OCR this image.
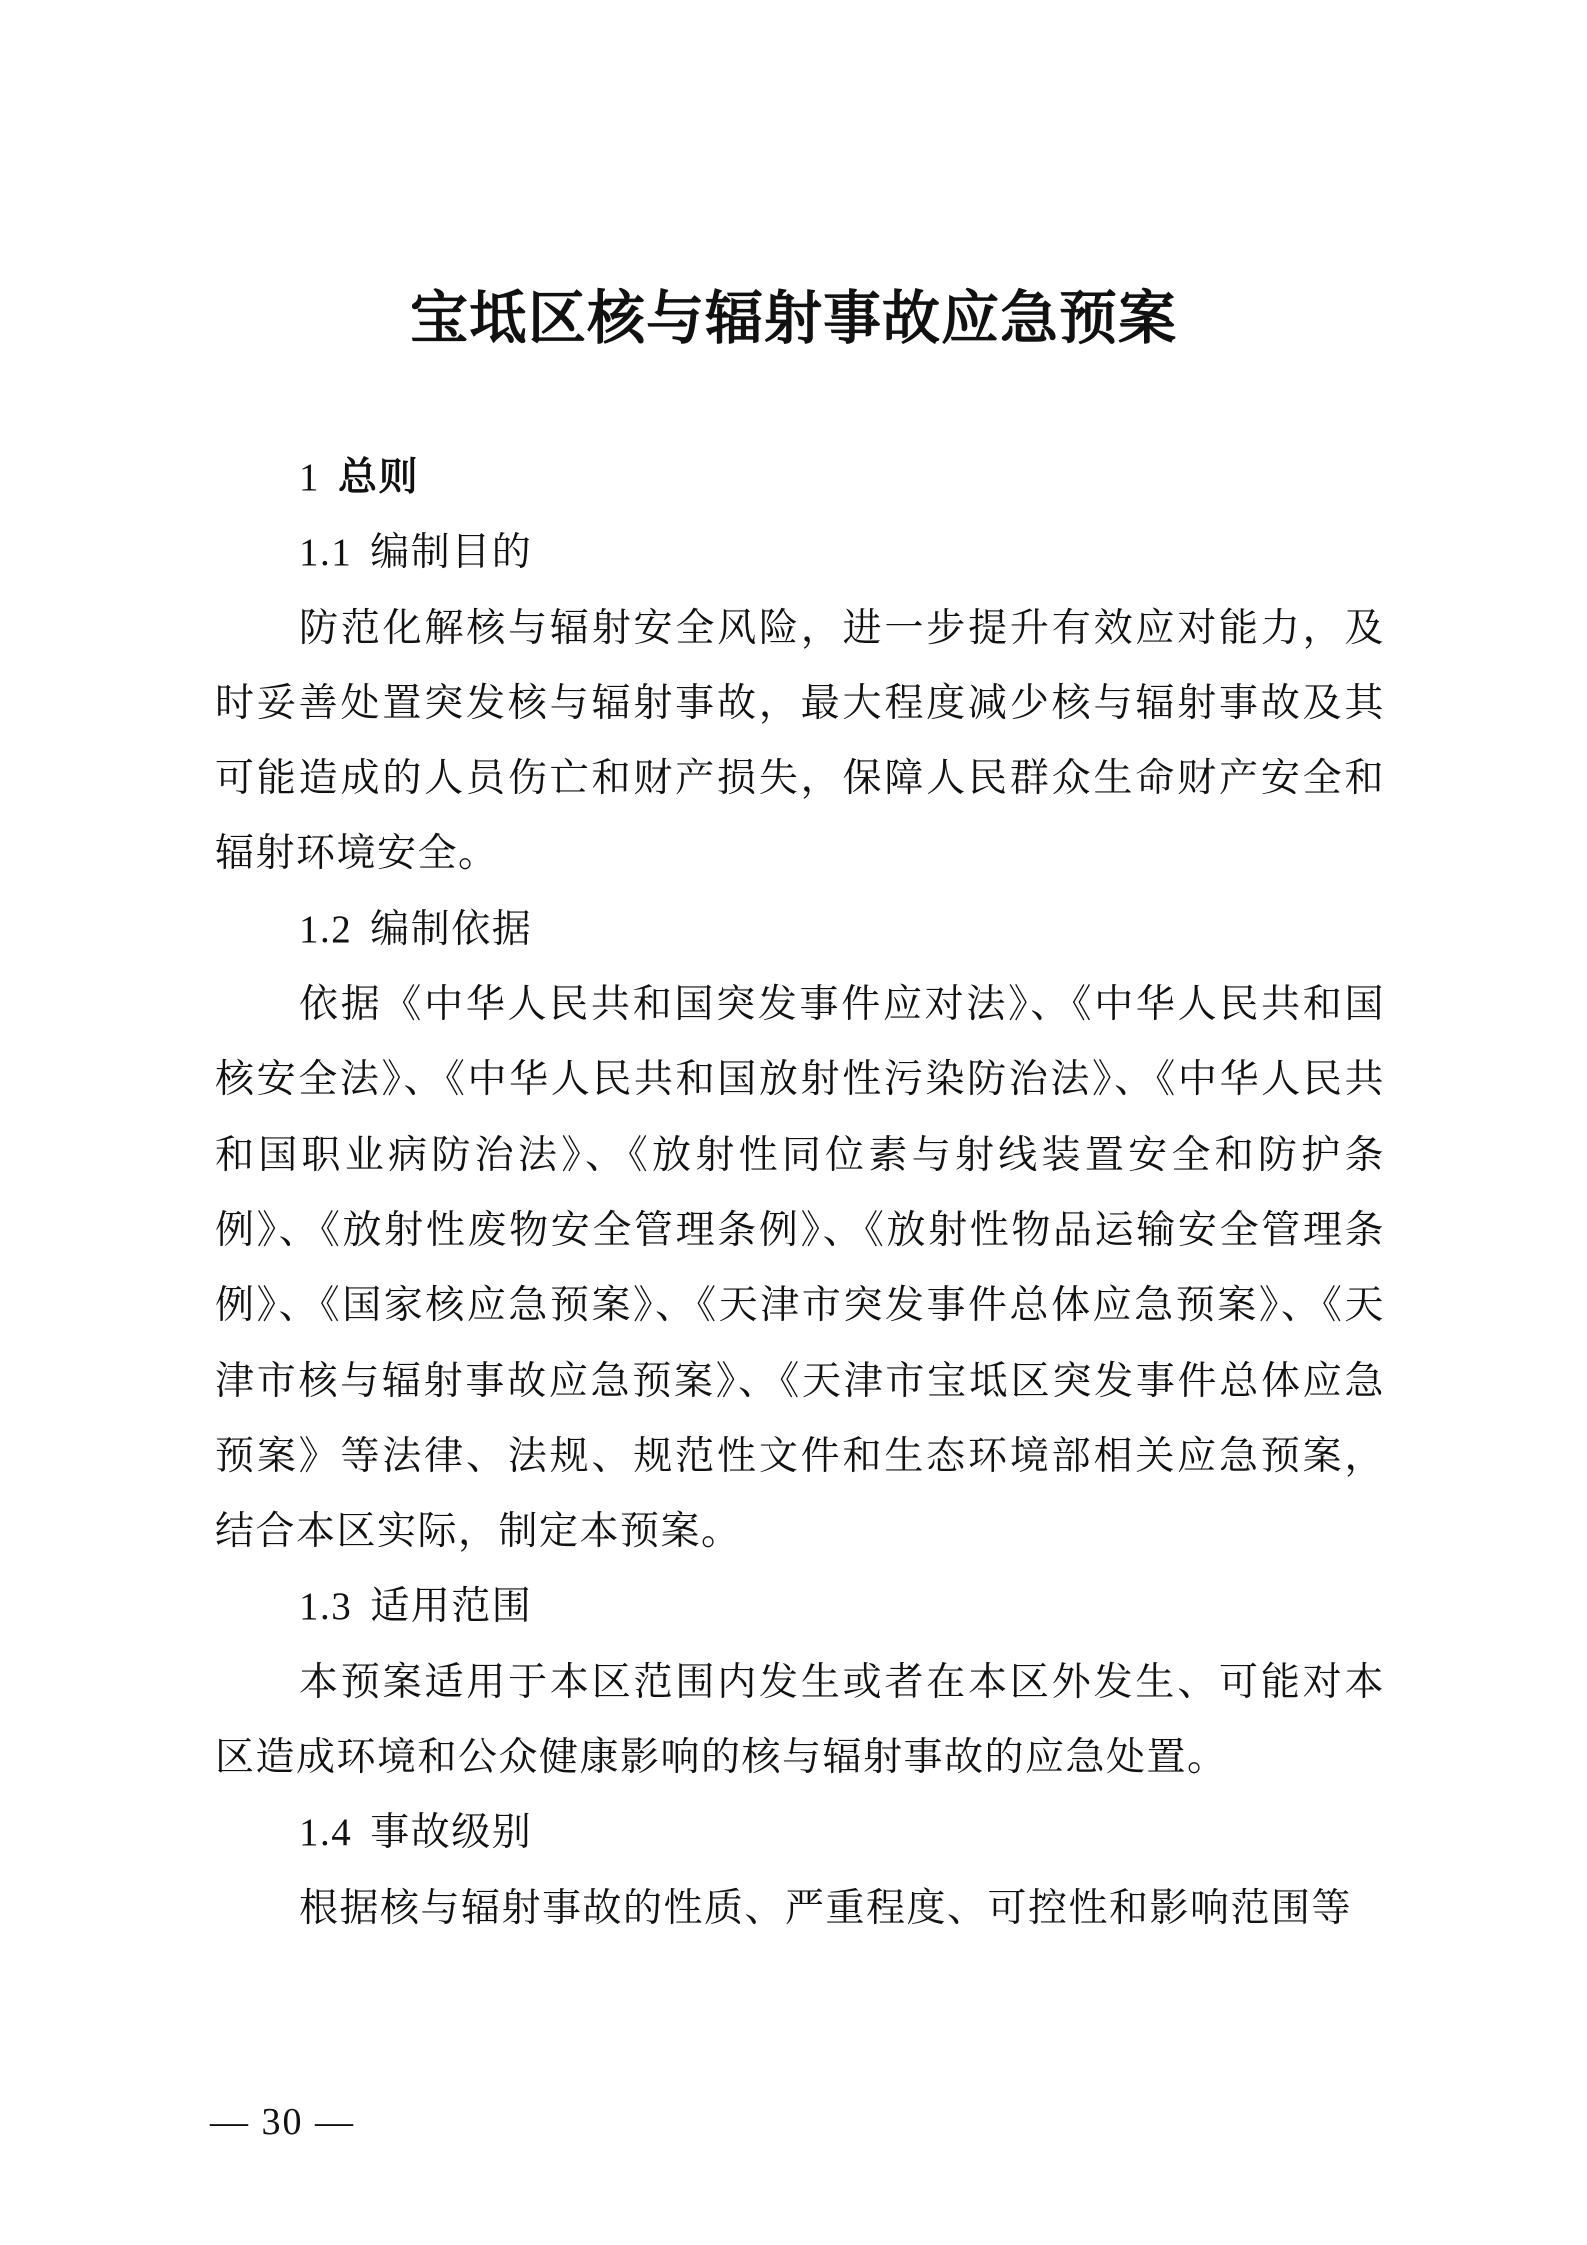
宝坻区核与辐射事故应急预案
1 总则
1.1 编制目的

防范化解核与辐射安全风险，进一步提升有效应对能力，及时妥善处置突发核与辐射事故，最大程度减少核与辐射事故及其可能造成的人员伤亡和财产损失，保障人民群众生命财产安全和辐射环境安全。

1.2 编制依据

依据《中华人民共和国突发事件应对法》、《中华人民共和国核安全法》、《中华人民共和国放射性污染防治法》、《中华人民共和国职业病防治法》、《放射性同位素与射线装置安全和防护条例》、《放射性废物安全管理条例》、《放射性物品运输安全管理条例》、《国家核应急预案》、《天津市突发事件总体应急预案》、《天津市核与辐射事故应急预案》、《天津市宝坻区突发事件总体应急预案》等法律、法规、规范性文件和生态环境部相关应急预案，结合本区实际，制定本预案。

1.3 适用范围

本预案适用于本区范围内发生或者在本区外发生、可能对本区造成环境和公众健康影响的核与辐射事故的应急处置。

1.4 事故级别

根据核与辐射事故的性质、严重程度、可控性和影响范围等

— 30 —
